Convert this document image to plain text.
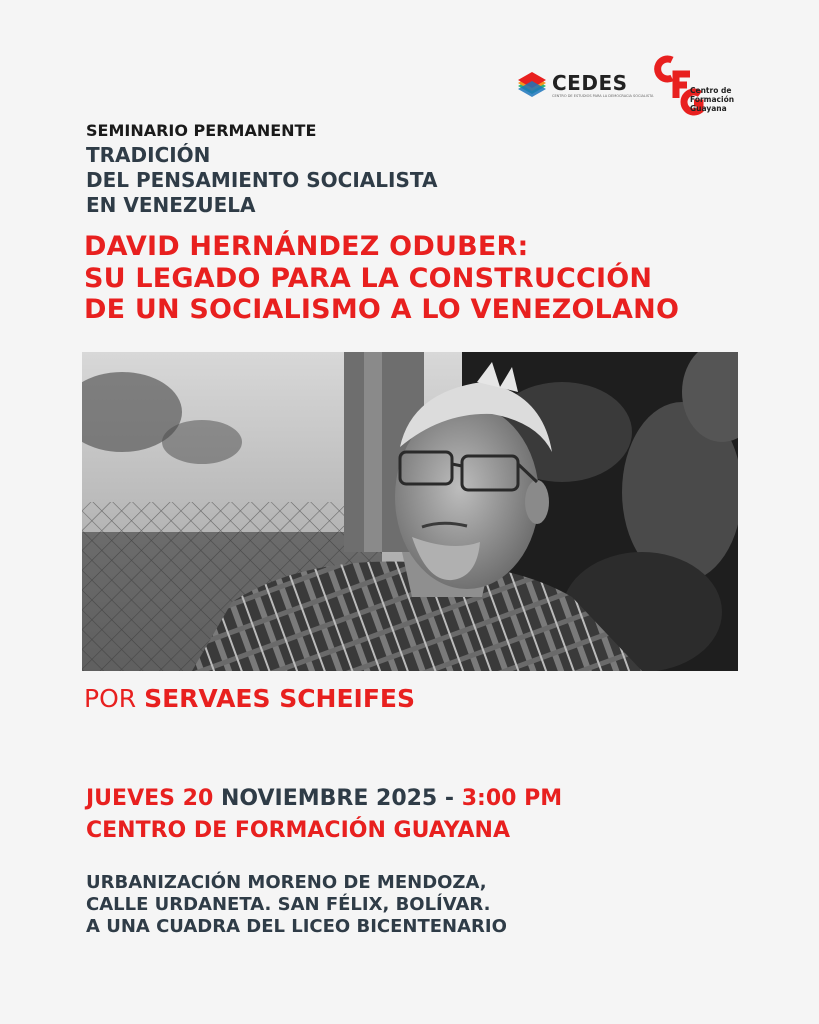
CEDES
CENTRO DE ESTUDIOS PARA LA DEMOCRACIA SOCIALISTA
Centro de
Formación
Guayana
SEMINARIO PERMANENTE
TRADICIÓN
DEL PENSAMIENTO SOCIALISTA
EN VENEZUELA
DAVID HERNÁNDEZ ODUBER:
SU LEGADO PARA LA CONSTRUCCIÓN
DE UN SOCIALISMO A LO VENEZOLANO
POR SERVAES SCHEIFES
JUEVES 20 NOVIEMBRE 2025 - 3:00 PM
CENTRO DE FORMACIÓN GUAYANA
URBANIZACIÓN MORENO DE MENDOZA,
CALLE URDANETA. SAN FÉLIX, BOLÍVAR.
A UNA CUADRA DEL LICEO BICENTENARIO
